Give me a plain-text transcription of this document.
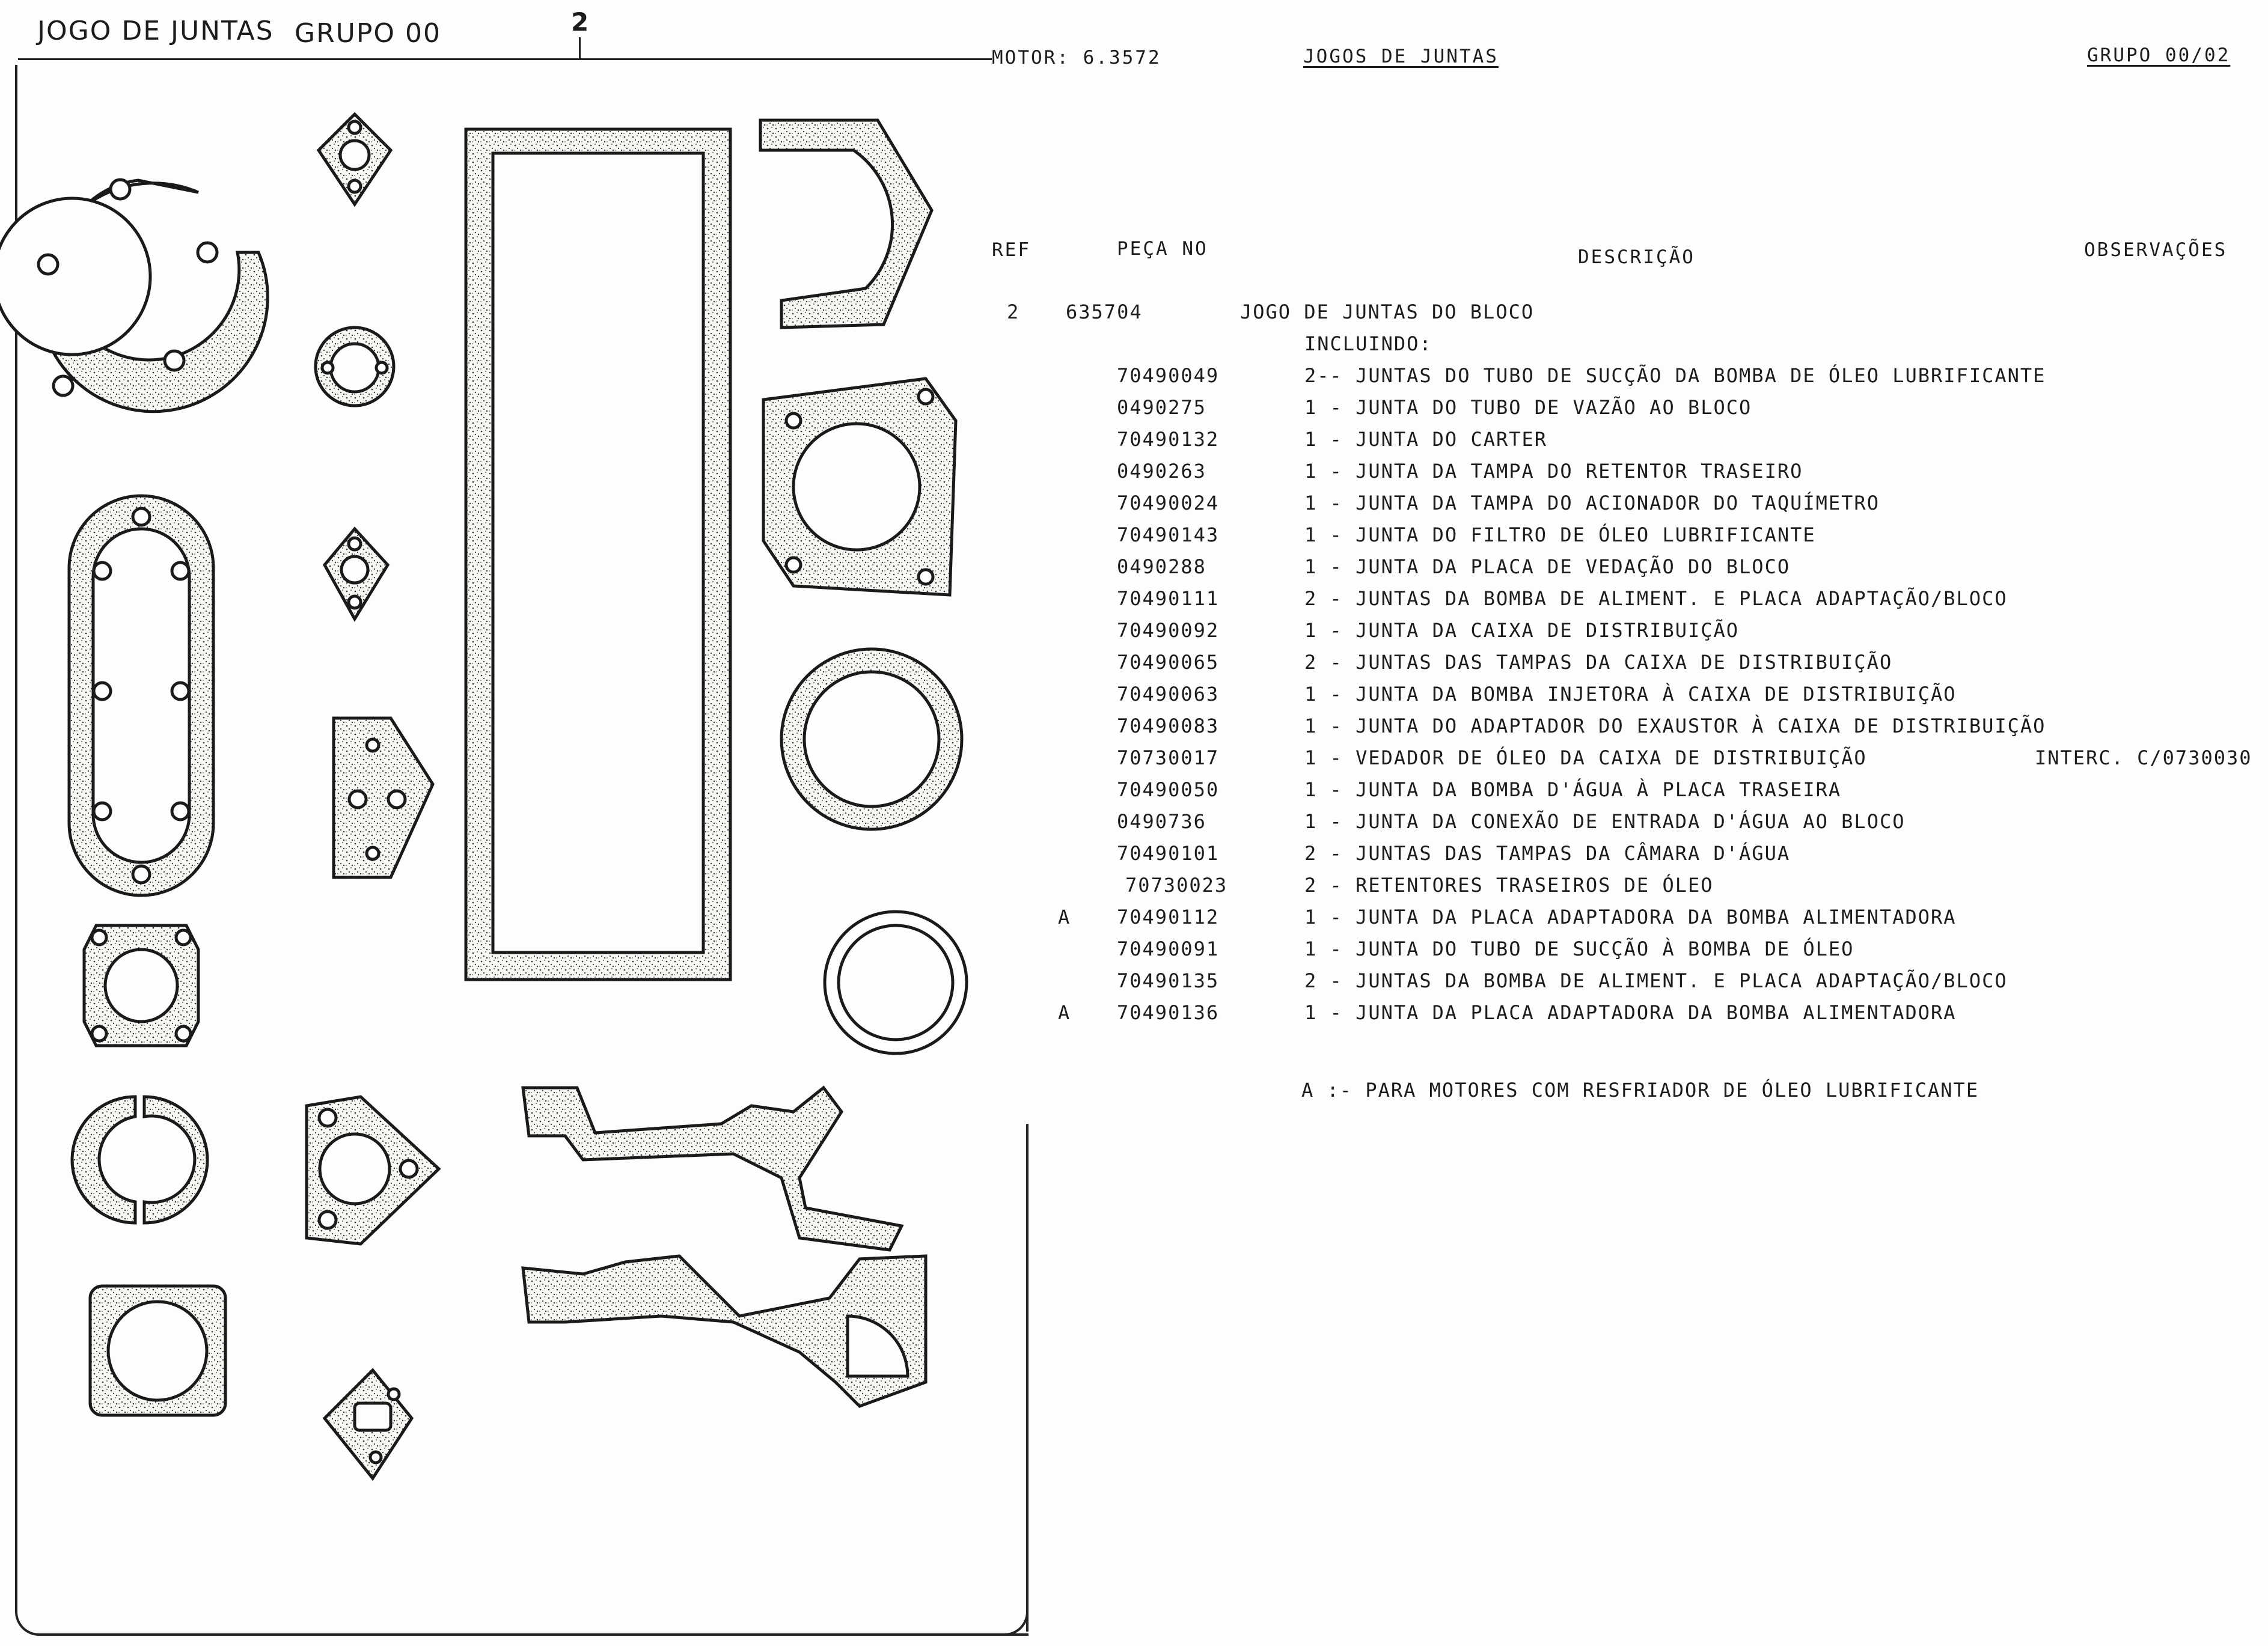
JOGO DE JUNTAS GRUPO 00	2
MOTOR: 6.3572	JOGOS DE JUNTAS	GRUPO 00/02
REF	PEÇA NO	DESCRIÇÃO	OBSERVAÇÕES
2 635704	JOGO DE JUNTAS DO BLOCO
INCLUINDO:
70490049	2-- JUNTAS DO TUBO DE SUCÇÃO DA BOMBA DE ÓLEO LUBRIFICANTE
0490275	1 - JUNTA DO TUBO DE VAZÃO AO BLOCO
70490132	1 - JUNTA DO CARTER
0490263	1 - JUNTA DA TAMPA DO RETENTOR TRASEIRO
70490024	1 - JUNTA DA TAMPA DO ACIONADOR DO TAQUÍMETRO
70490143	1 - JUNTA DO FILTRO DE ÓLEO LUBRIFICANTE
0490288	1 - JUNTA DA PLACA DE VEDAÇÃO DO BLOCO
70490111	2 - JUNTAS DA BOMBA DE ALIMENT. E PLACA ADAPTAÇÃO/BLOCO
70490092	1 - JUNTA DA CAIXA DE DISTRIBUIÇÃO
70490065	2 - JUNTAS DAS TAMPAS DA CAIXA DE DISTRIBUIÇÃO
70490063	1 - JUNTA DA BOMBA INJETORA À CAIXA DE DISTRIBUIÇÃO
70490083	1 - JUNTA DO ADAPTADOR DO EXAUSTOR À CAIXA DE DISTRIBUIÇÃO
70730017	1 - VEDADOR DE ÓLEO DA CAIXA DE DISTRIBUIÇÃO	INTERC. C/0730030
70490050	1 - JUNTA DA BOMBA D'ÁGUA À PLACA TRASEIRA
0490736	1 - JUNTA DA CONEXÃO DE ENTRADA D'ÁGUA AO BLOCO
70490101	2 - JUNTAS DAS TAMPAS DA CÂMARA D'ÁGUA
70730023	2 - RETENTORES TRASEIROS DE ÓLEO
A 70490112	1 - JUNTA DA PLACA ADAPTADORA DA BOMBA ALIMENTADORA
70490091	1 - JUNTA DO TUBO DE SUCÇÃO À BOMBA DE ÓLEO
70490135	2 - JUNTAS DA BOMBA DE ALIMENT. E PLACA ADAPTAÇÃO/BLOCO
A 70490136	1 - JUNTA DA PLACA ADAPTADORA DA BOMBA ALIMENTADORA
A :- PARA MOTORES COM RESFRIADOR DE ÓLEO LUBRIFICANTE
